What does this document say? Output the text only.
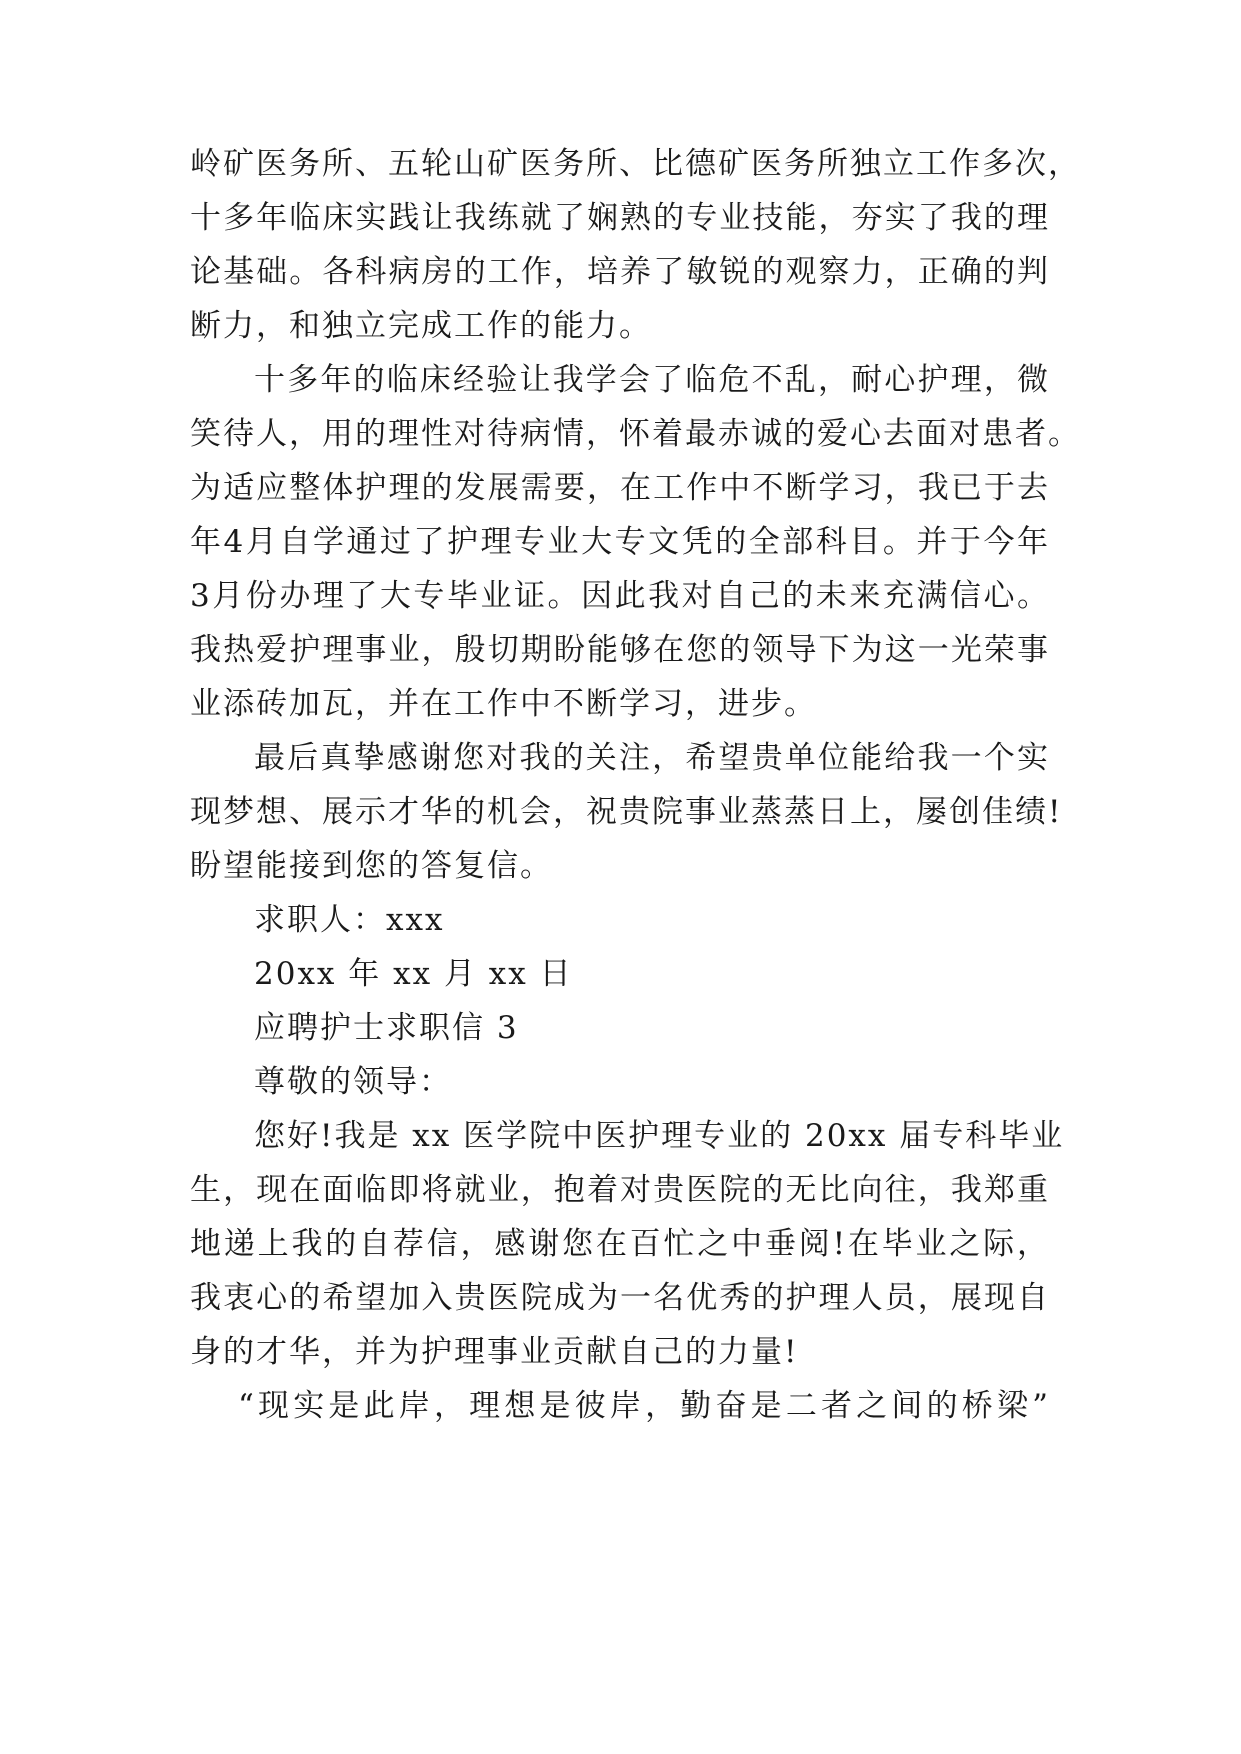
岭矿医务所、五轮山矿医务所、比德矿医务所独立工作多次，
十多年临床实践让我练就了娴熟的专业技能，夯实了我的理
论基础。各科病房的工作，培养了敏锐的观察力，正确的判
断力，和独立完成工作的能力。
十多年的临床经验让我学会了临危不乱，耐心护理，微
笑待人，用的理性对待病情，怀着最赤诚的爱心去面对患者。
为适应整体护理的发展需要，在工作中不断学习，我已于去
年4月自学通过了护理专业大专文凭的全部科目。并于今年
3月份办理了大专毕业证。因此我对自己的未来充满信心。
我热爱护理事业，殷切期盼能够在您的领导下为这一光荣事
业添砖加瓦，并在工作中不断学习，进步。
最后真挚感谢您对我的关注，希望贵单位能给我一个实
现梦想、展示才华的机会，祝贵院事业蒸蒸日上，屡创佳绩!
盼望能接到您的答复信。
求职人：xxx
20xx 年 xx 月 xx 日
应聘护士求职信 3
尊敬的领导：
您好!我是 xx 医学院中医护理专业的 20xx 届专科毕业
生，现在面临即将就业，抱着对贵医院的无比向往，我郑重
地递上我的自荐信，感谢您在百忙之中垂阅!在毕业之际，
我衷心的希望加入贵医院成为一名优秀的护理人员，展现自
身的才华，并为护理事业贡献自己的力量!
“现实是此岸，理想是彼岸，勤奋是二者之间的桥梁”
